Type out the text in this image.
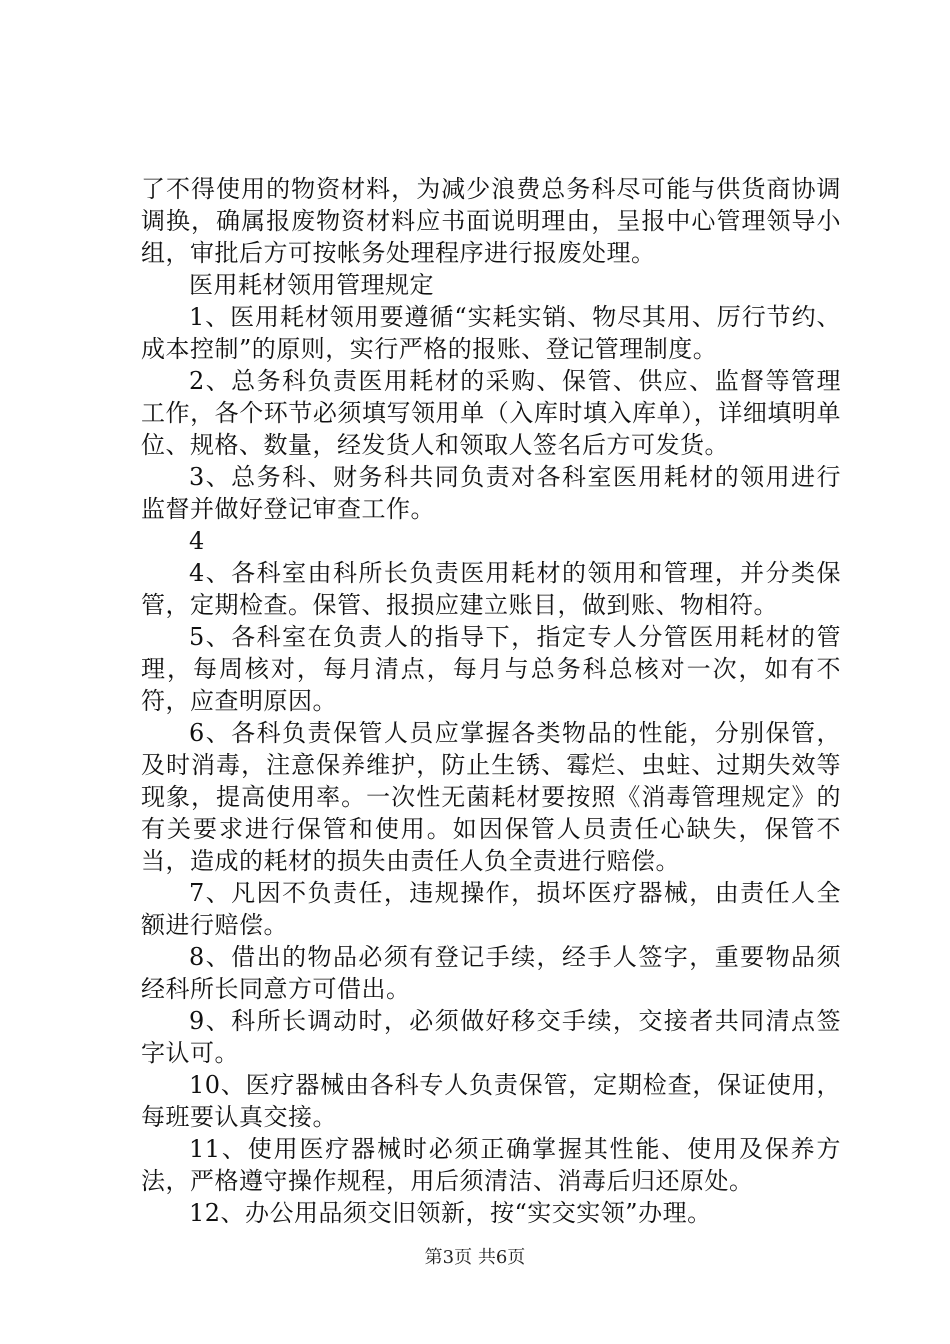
了不得使用的物资材料，为减少浪费总务科尽可能与供货商协调调换，确属报废物资材料应书面说明理由，呈报中心管理领导小组，审批后方可按帐务处理程序进行报废处理。

医用耗材领用管理规定

1、医用耗材领用要遵循“实耗实销、物尽其用、厉行节约、成本控制”的原则，实行严格的报账、登记管理制度。

2、总务科负责医用耗材的采购、保管、供应、监督等管理工作，各个环节必须填写领用单（入库时填入库单），详细填明单位、规格、数量，经发货人和领取人签名后方可发货。

3、总务科、财务科共同负责对各科室医用耗材的领用进行监督并做好登记审查工作。

4

4、各科室由科所长负责医用耗材的领用和管理，并分类保管，定期检查。保管、报损应建立账目，做到账、物相符。

5、各科室在负责人的指导下，指定专人分管医用耗材的管理，每周核对，每月清点，每月与总务科总核对一次，如有不符，应查明原因。

6、各科负责保管人员应掌握各类物品的性能，分别保管，及时消毒，注意保养维护，防止生锈、霉烂、虫蛀、过期失效等现象，提高使用率。一次性无菌耗材要按照《消毒管理规定》的有关要求进行保管和使用。如因保管人员责任心缺失，保管不当，造成的耗材的损失由责任人负全责进行赔偿。

7、凡因不负责任，违规操作，损坏医疗器械，由责任人全额进行赔偿。

8、借出的物品必须有登记手续，经手人签字，重要物品须经科所长同意方可借出。

9、科所长调动时，必须做好移交手续，交接者共同清点签字认可。

10、医疗器械由各科专人负责保管，定期检查，保证使用，每班要认真交接。

11、使用医疗器械时必须正确掌握其性能、使用及保养方法，严格遵守操作规程，用后须清洁、消毒后归还原处。

12、办公用品须交旧领新，按“实交实领”办理。

第3页 共6页
